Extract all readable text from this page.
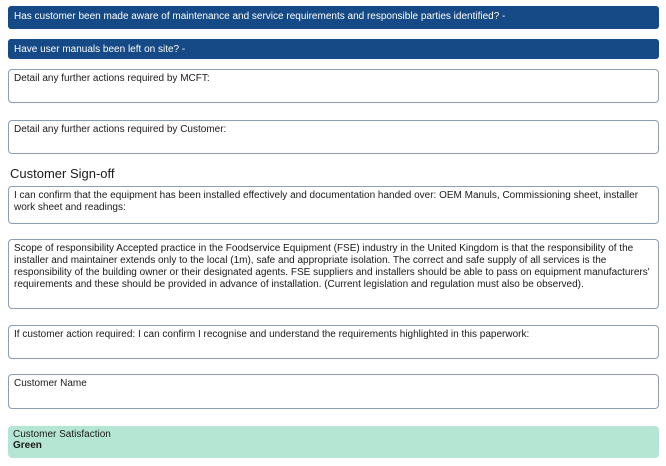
Has customer been made aware of maintenance and service requirements and responsible parties identified? -
Have user manuals been left on site? -
Detail any further actions required by MCFT:
Detail any further actions required by Customer:
Customer Sign-off
I can confirm that the equipment has been installed effectively and documentation handed over: OEM Manuls, Commissioning sheet, installer work sheet and readings:
Scope of responsibility Accepted practice in the Foodservice Equipment (FSE) industry in the United Kingdom is that the responsibility of the installer and maintainer extends only to the local (1m), safe and appropriate isolation. The correct and safe supply of all services is the responsibility of the building owner or their designated agents. FSE suppliers and installers should be able to pass on equipment manufacturers' requirements and these should be provided in advance of installation. (Current legislation and regulation must also be observed).
If customer action required: I can confirm I recognise and understand the requirements highlighted in this paperwork:
Customer Name
Customer Satisfaction
Green
